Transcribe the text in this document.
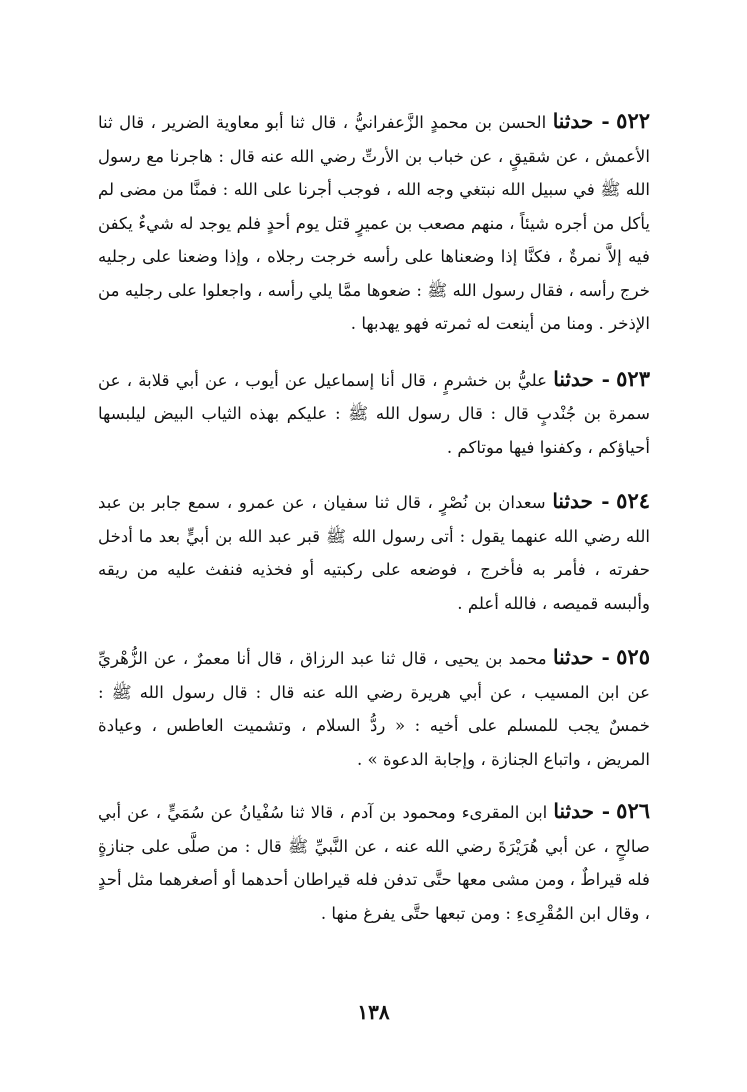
٥٢٢ - حدثنا الحسن بن محمدٍ الزَّعفرانيُّ ، قال ثنا أبو معاوية الضرير ، قال ثنا الأعمش ، عن شقيقٍ ، عن خباب بن الأرتِّ رضي الله عنه قال : هاجرنا مع رسول الله ﷺ في سبيل الله نبتغي وجه الله ، فوجب أجرنا على الله : فمنَّا من مضى لم يأكل من أجره شيئاً ، منهم مصعب بن عميرٍ قتل يوم أحدٍ فلم يوجد له شيءٌ يكفن فيه إلاَّ نمرةٌ ، فكنَّا إذا وضعناها على رأسه خرجت رجلاه ، وإذا وضعنا على رجليه خرج رأسه ، فقال رسول الله ﷺ : ضعوها ممَّا يلي رأسه ، واجعلوا على رجليه من الإذخر . ومنا من أينعت له ثمرته فهو يهدبها .

٥٢٣ - حدثنا عليُّ بن خشرمٍ ، قال أنا إسماعيل عن أيوب ، عن أبي قلابة ، عن سمرة بن جُنْدبٍ قال : قال رسول الله ﷺ : عليكم بهذه الثياب البيض ليلبسها أحياؤكم ، وكفنوا فيها موتاكم .

٥٢٤ - حدثنا سعدان بن نُصْرٍ ، قال ثنا سفيان ، عن عمرو ، سمع جابر بن عبد الله رضي الله عنهما يقول : أتى رسول الله ﷺ قبر عبد الله بن أبيٍّ بعد ما أدخل حفرته ، فأمر به فأخرج ، فوضعه على ركبتيه أو فخذيه فنفث عليه من ريقه وألبسه قميصه ، فالله أعلم .

٥٢٥ - حدثنا محمد بن يحيى ، قال ثنا عبد الرزاق ، قال أنا معمرٌ ، عن الزُّهْريِّ عن ابن المسيب ، عن أبي هريرة رضي الله عنه قال : قال رسول الله ﷺ : خمسٌ يجب للمسلم على أخيه : « ردُّ السلام ، وتشميت العاطس ، وعيادة المريض ، واتباع الجنازة ، وإجابة الدعوة » .

٥٢٦ - حدثنا ابن المقرىء ومحمود بن آدم ، قالا ثنا سُفْيانُ عن سُمَيٍّ ، عن أبي صالحٍ ، عن أبي هُرَيْرَةَ رضي الله عنه ، عن النَّبيِّ ﷺ قال : من صلَّى على جنازةٍ فله قيراطٌ ، ومن مشى معها حتَّى تدفن فله قيراطان أحدهما أو أصغرهما مثل أحدٍ ، وقال ابن المُقْرِىءِ : ومن تبعها حتَّى يفرغ منها .

١٣٨
